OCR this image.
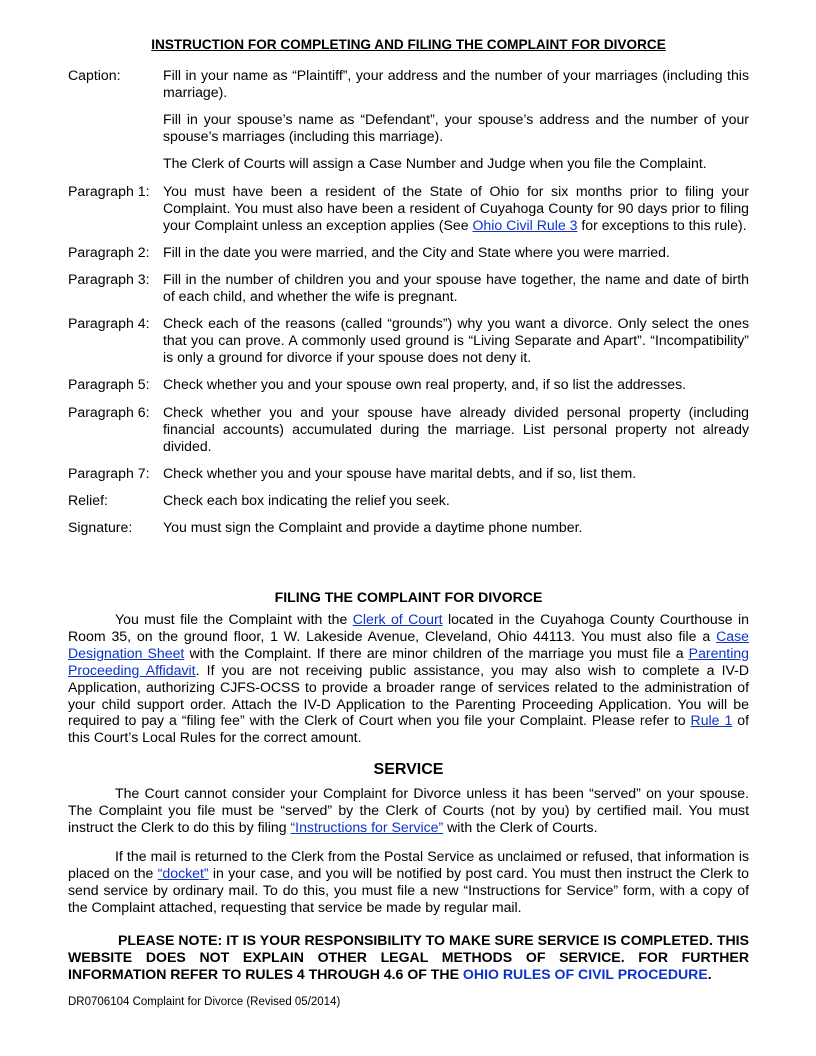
INSTRUCTION FOR COMPLETING AND FILING THE COMPLAINT FOR DIVORCE
Caption:	Fill in your name as “Plaintiff”, your address and the number of your marriages (including this marriage).

Fill in your spouse’s name as “Defendant”, your spouse’s address and the number of your spouse’s marriages (including this marriage).

The Clerk of Courts will assign a Case Number and Judge when you file the Complaint.

Paragraph 1: You must have been a resident of the State of Ohio for six months prior to filing your Complaint. You must also have been a resident of Cuyahoga County for 90 days prior to filing your Complaint unless an exception applies (See Ohio Civil Rule 3 for exceptions to this rule).
Paragraph 2: Fill in the date you were married, and the City and State where you were married.
Paragraph 3: Fill in the number of children you and your spouse have together, the name and date of birth of each child, and whether the wife is pregnant.
Paragraph 4: Check each of the reasons (called “grounds”) why you want a divorce. Only select the ones that you can prove. A commonly used ground is “Living Separate and Apart”. “Incompatibility” is only a ground for divorce if your spouse does not deny it.
Paragraph 5: Check whether you and your spouse own real property, and, if so list the addresses.
Paragraph 6: Check whether you and your spouse have already divided personal property (including financial accounts) accumulated during the marriage. List personal property not already divided.
Paragraph 7: Check whether you and your spouse have marital debts, and if so, list them.
Relief:	Check each box indicating the relief you seek.
Signature:	You must sign the Complaint and provide a daytime phone number.
FILING THE COMPLAINT FOR DIVORCE

You must file the Complaint with the Clerk of Court located in the Cuyahoga County Courthouse in Room 35, on the ground floor, 1 W. Lakeside Avenue, Cleveland, Ohio 44113. You must also file a Case Designation Sheet with the Complaint. If there are minor children of the marriage you must file a Parenting Proceeding Affidavit. If you are not receiving public assistance, you may also wish to complete a IV-D Application, authorizing CJFS-OCSS to provide a broader range of services related to the administration of your child support order. Attach the IV-D Application to the Parenting Proceeding Application. You will be required to pay a “filing fee” with the Clerk of Court when you file your Complaint. Please refer to Rule 1 of this Court’s Local Rules for the correct amount.

SERVICE

The Court cannot consider your Complaint for Divorce unless it has been “served” on your spouse. The Complaint you file must be “served” by the Clerk of Courts (not by you) by certified mail. You must instruct the Clerk to do this by filing “Instructions for Service” with the Clerk of Courts.

If the mail is returned to the Clerk from the Postal Service as unclaimed or refused, that information is placed on the “docket” in your case, and you will be notified by post card. You must then instruct the Clerk to send service by ordinary mail. To do this, you must file a new “Instructions for Service” form, with a copy of the Complaint attached, requesting that service be made by regular mail.

PLEASE NOTE: IT IS YOUR RESPONSIBILITY TO MAKE SURE SERVICE IS COMPLETED. THIS WEBSITE DOES NOT EXPLAIN OTHER LEGAL METHODS OF SERVICE. FOR FURTHER INFORMATION REFER TO RULES 4 THROUGH 4.6 OF THE OHIO RULES OF CIVIL PROCEDURE.

DR0706104 Complaint for Divorce (Revised 05/2014)
